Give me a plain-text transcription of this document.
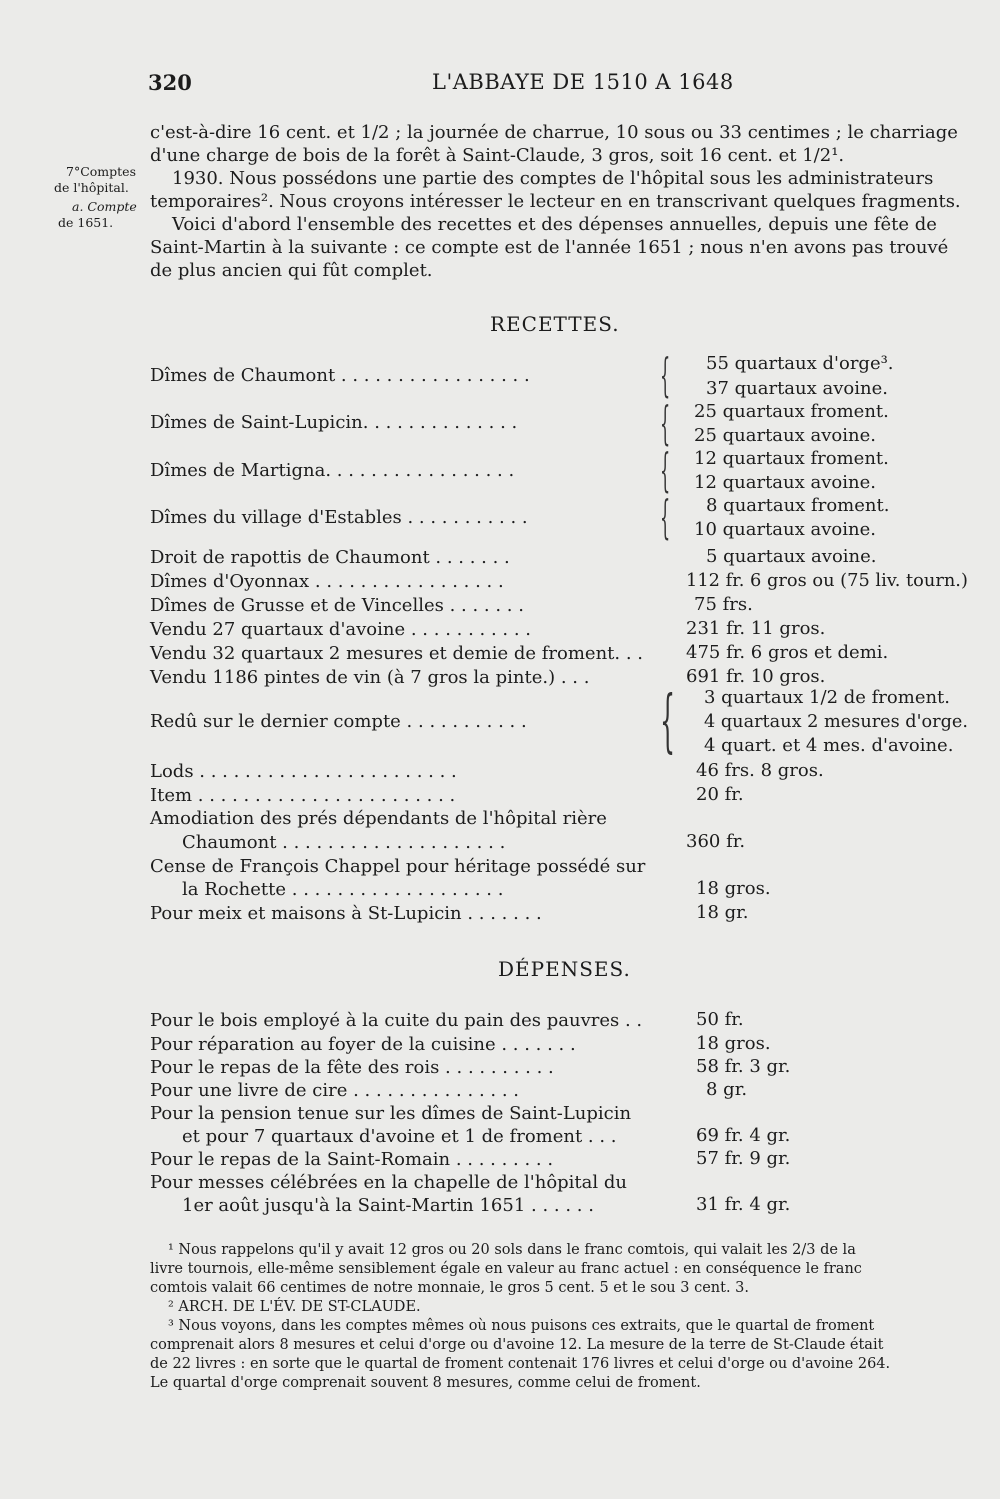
320	L'ABBAYE DE 1510 A 1648
7°Comptes
de l'hôpital.
a. Compte
de 1651.
c'est-à-dire 16 cent. et 1/2 ; la journée de charrue, 10 sous ou 33 centimes ; le charriage
d'une charge de bois de la forêt à Saint-Claude, 3 gros, soit 16 cent. et 1/2¹.
1930. Nous possédons une partie des comptes de l'hôpital sous les administrateurs
temporaires². Nous croyons intéresser le lecteur en en transcrivant quelques fragments.
Voici d'abord l'ensemble des recettes et des dépenses annuelles, depuis une fête de
Saint-Martin à la suivante : ce compte est de l'année 1651 ; nous n'en avons pas trouvé
de plus ancien qui fût complet.
RECETTES.
Dîmes de Chaumont . . . . . . . . . . . . . . . . .	{ 55 quartaux d'orge³.
37 quartaux avoine.
Dîmes de Saint-Lupicin. . . . . . . . . . . . . .	{ 25 quartaux froment.
25 quartaux avoine.
Dîmes de Martigna. . . . . . . . . . . . . . . . .	{ 12 quartaux froment.
12 quartaux avoine.
Dîmes du village d'Estables . . . . . . . . . . .	{ 8 quartaux froment.
10 quartaux avoine.
Droit de rapottis de Chaumont . . . . . . .	5 quartaux avoine.
Dîmes d'Oyonnax . . . . . . . . . . . . . . . . .	112 fr. 6 gros ou (75 liv. tourn.)
Dîmes de Grusse et de Vincelles . . . . . . .	75 frs.
Vendu 27 quartaux d'avoine . . . . . . . . . . .	231 fr. 11 gros.
Vendu 32 quartaux 2 mesures et demie de froment. . . 475 fr. 6 gros et demi.
Vendu 1186 pintes de vin (à 7 gros la pinte.) . . .	691 fr. 10 gros.
Redû sur le dernier compte . . . . . . . . . . . { 3 quartaux 1/2 de froment.
4 quartaux 2 mesures d'orge.
4 quart. et 4 mes. d'avoine.
Lods . . . . . . . . . . . . . . . . . . . . . . .	46 frs. 8 gros.
Item . . . . . . . . . . . . . . . . . . . . . . .	20 fr.
Amodiation des prés dépendants de l'hôpital rière
Chaumont . . . . . . . . . . . . . . . . . . . .	360 fr.
Cense de François Chappel pour héritage possédé sur
la Rochette . . . . . . . . . . . . . . . . . . .	18 gros.
Pour meix et maisons à St-Lupicin . . . . . . .	18 gr.
DÉPENSES.
Pour le bois employé à la cuite du pain des pauvres . .	50 fr.
Pour réparation au foyer de la cuisine . . . . . . .	18 gros.
Pour le repas de la fête des rois . . . . . . . . . .	58 fr. 3 gr.
Pour une livre de cire . . . . . . . . . . . . . . .	8 gr.
Pour la pension tenue sur les dîmes de Saint-Lupicin
et pour 7 quartaux d'avoine et 1 de froment . . .	69 fr. 4 gr.
Pour le repas de la Saint-Romain . . . . . . . . .	57 fr. 9 gr.
Pour messes célébrées en la chapelle de l'hôpital du
1er août jusqu'à la Saint-Martin 1651 . . . . . .	31 fr. 4 gr.
¹ Nous rappelons qu'il y avait 12 gros ou 20 sols dans le franc comtois, qui valait les 2/3 de la
livre tournois, elle-même sensiblement égale en valeur au franc actuel : en conséquence le franc
comtois valait 66 centimes de notre monnaie, le gros 5 cent. 5 et le sou 3 cent. 3.
² ARCH. DE L'ÉV. DE ST-CLAUDE.
³ Nous voyons, dans les comptes mêmes où nous puisons ces extraits, que le quartal de froment
comprenait alors 8 mesures et celui d'orge ou d'avoine 12. La mesure de la terre de St-Claude était
de 22 livres : en sorte que le quartal de froment contenait 176 livres et celui d'orge ou d'avoine 264.
Le quartal d'orge comprenait souvent 8 mesures, comme celui de froment.
